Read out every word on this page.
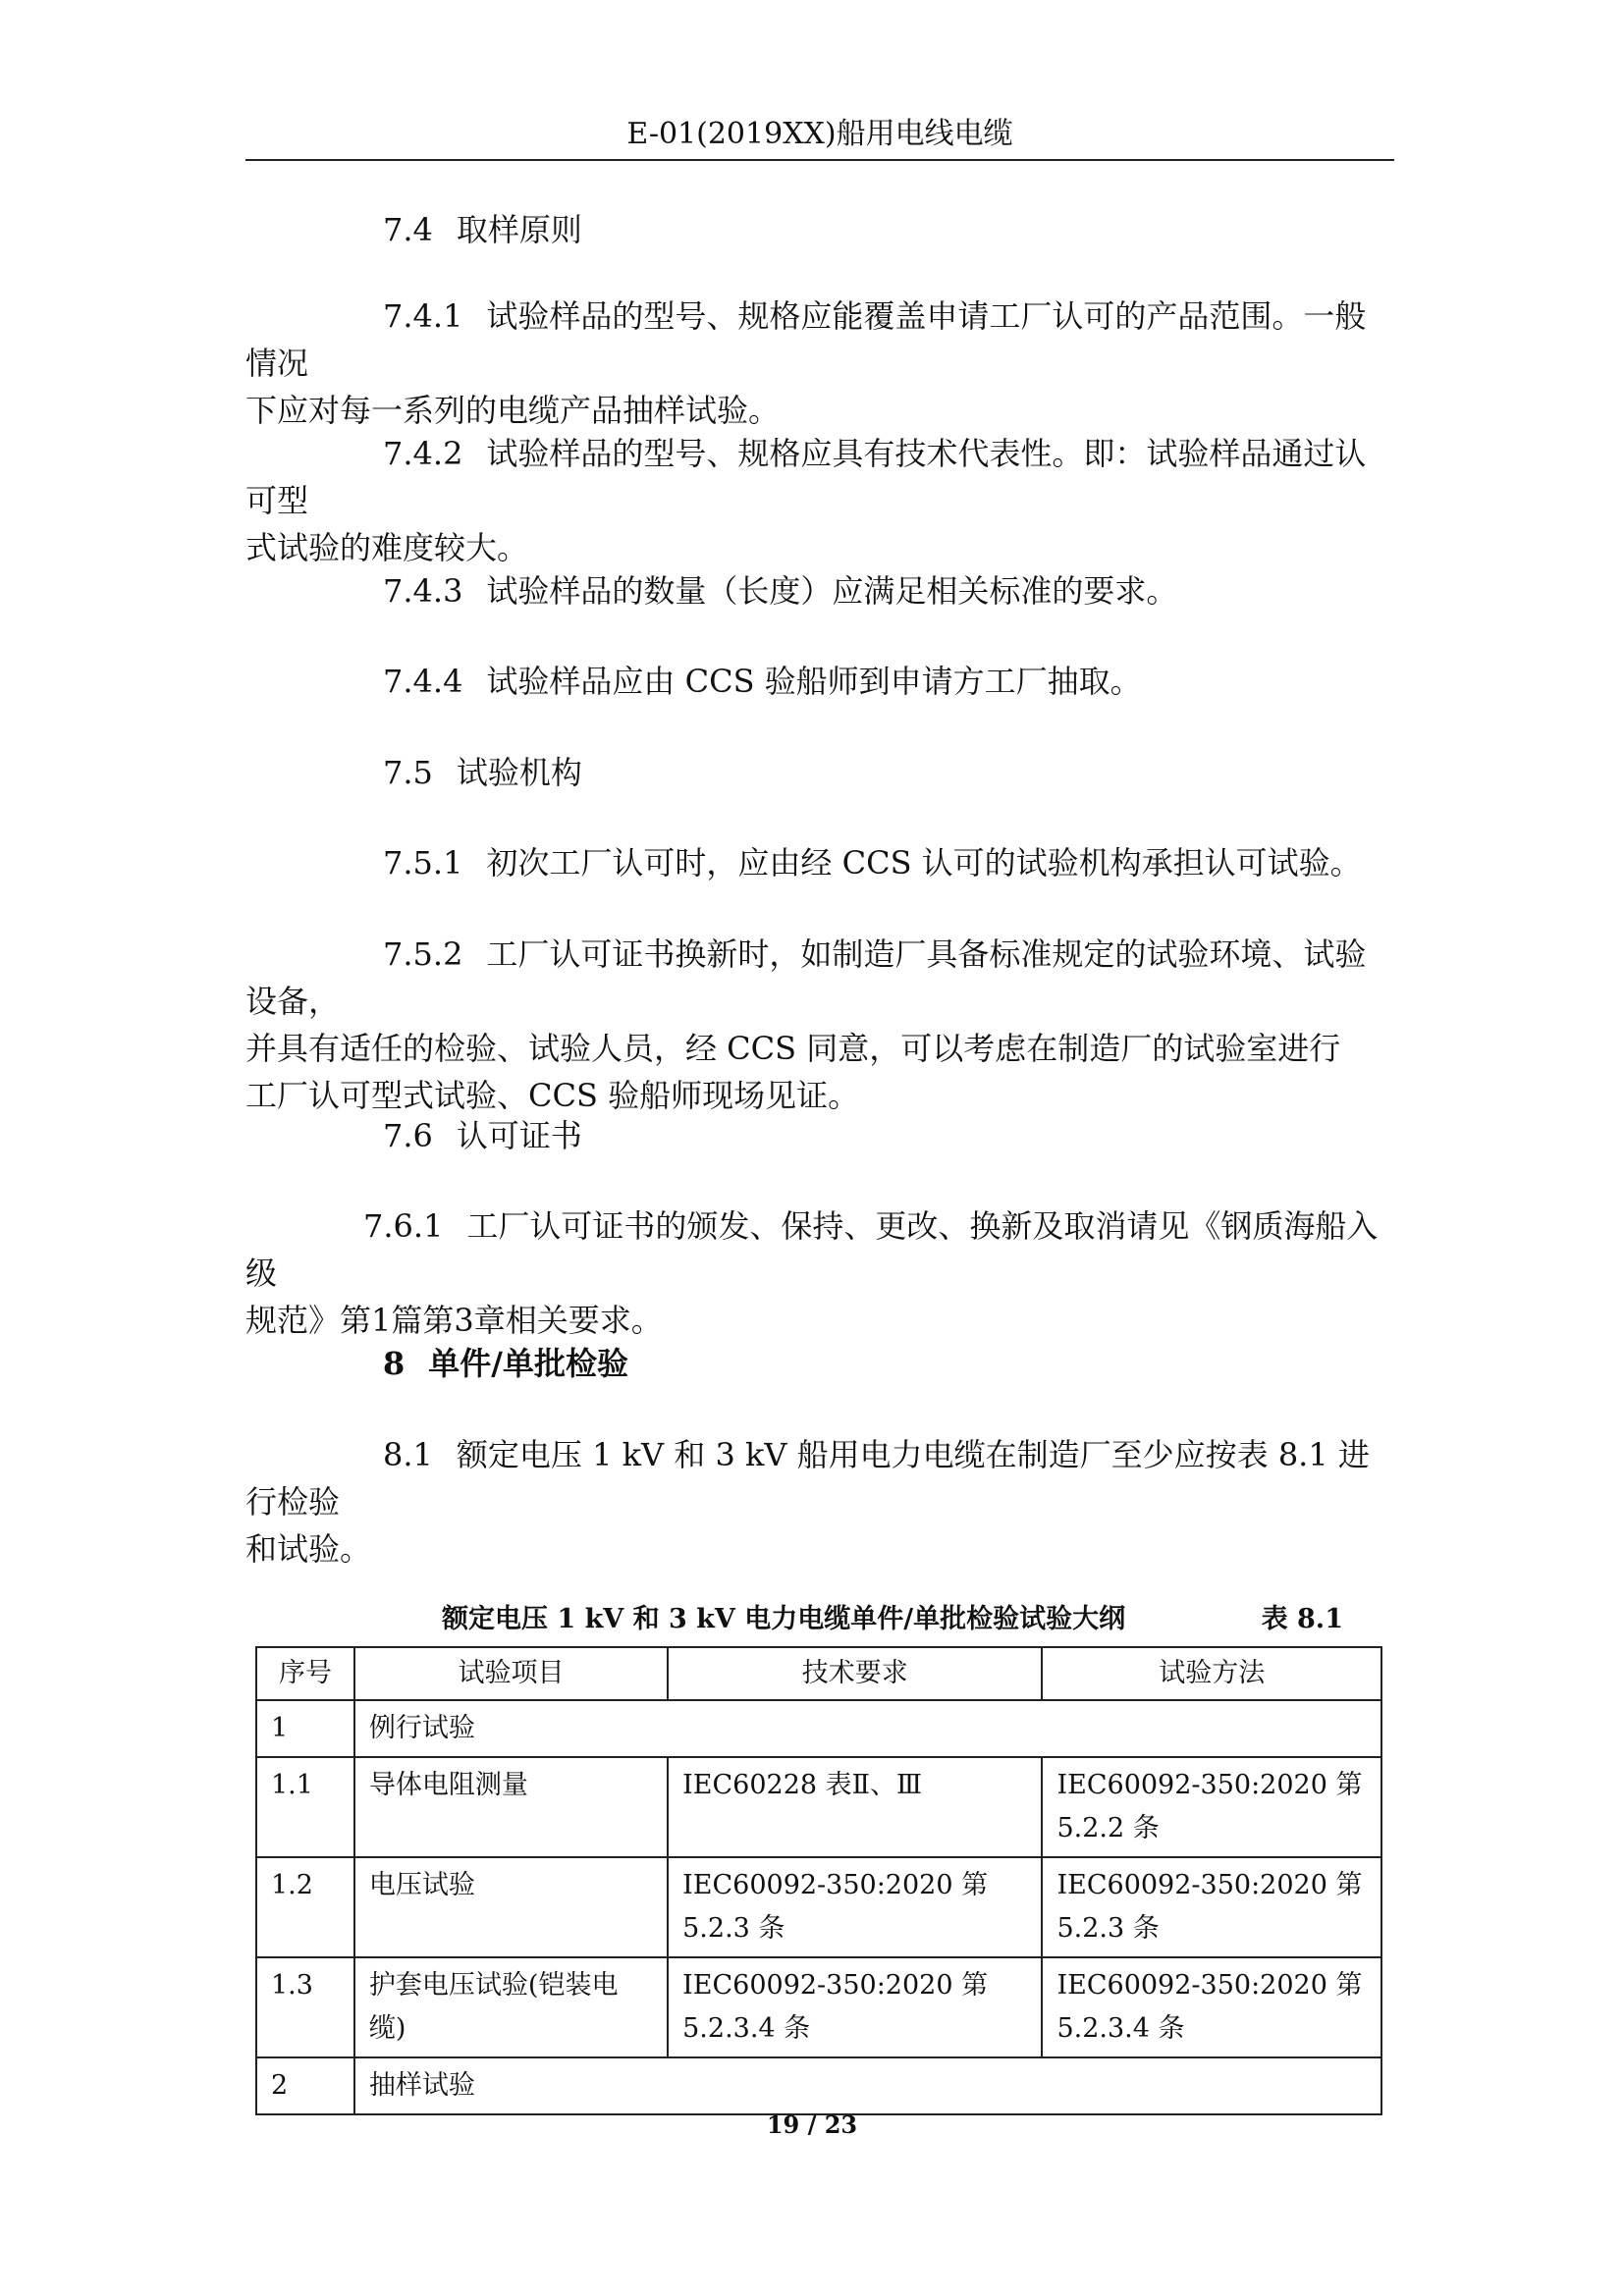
E-01(2019XX)船用电线电缆

7.4 取样原则

7.4.1 试验样品的型号、规格应能覆盖申请工厂认可的产品范围。一般情况

下应对每一系列的电缆产品抽样试验。

7.4.2 试验样品的型号、规格应具有技术代表性。即：试验样品通过认可型

式试验的难度较大。

7.4.3 试验样品的数量（长度）应满足相关标准的要求。

7.4.4 试验样品应由 CCS 验船师到申请方工厂抽取。

7.5 试验机构

7.5.1 初次工厂认可时，应由经 CCS 认可的试验机构承担认可试验。

7.5.2 工厂认可证书换新时，如制造厂具备标准规定的试验环境、试验设备，

并具有适任的检验、试验人员，经 CCS 同意，可以考虑在制造厂的试验室进行

工厂认可型式试验、CCS 验船师现场见证。

7.6 认可证书

7.6.1 工厂认可证书的颁发、保持、更改、换新及取消请见《钢质海船入级

规范》第1篇第3章相关要求。

8 单件/单批检验

8.1 额定电压 1 kV 和 3 kV 船用电力电缆在制造厂至少应按表 8.1 进行检验

和试验。

额定电压 1 kV 和 3 kV 电力电缆单件/单批检验试验大纲	表 8.1
序号	试验项目	技术要求	试验方法
1	例行试验		
1.1	导体电阻测量	IEC60228 表Ⅱ、Ⅲ	IEC60092-350:2020 第 5.2.2 条
1.2	电压试验	IEC60092-350:2020 第 5.2.3 条	IEC60092-350:2020 第 5.2.3 条
1.3	护套电压试验(铠装电缆)	IEC60092-350:2020 第 5.2.3.4 条	IEC60092-350:2020 第 5.2.3.4 条
2	抽样试验		
19 / 23
